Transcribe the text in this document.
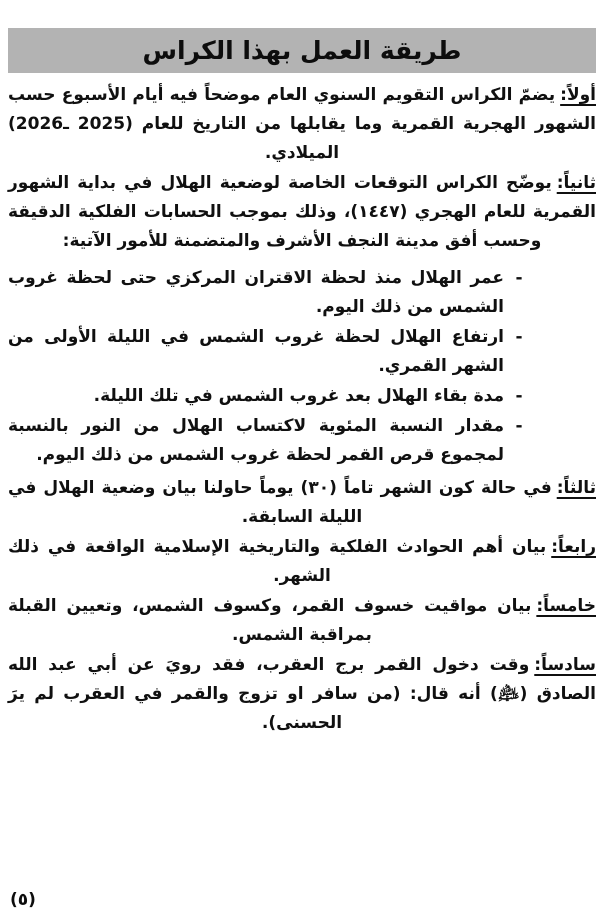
طريقة العمل بهذا الكراس

أولاً:يضمّ الكراس التقويم السنوي العام موضحاً فيه أيام الأسبوع حسب الشهور الهجرية القمرية وما يقابلها من التاريخ للعام (2025 ـ2026) الميلادي.

ثانياً:يوضّح الكراس التوقعات الخاصة لوضعية الهلال في بداية الشهور القمرية للعام الهجري (١٤٤٧)، وذلك بموجب الحسابات الفلكية الدقيقة وحسب أفق مدينة النجف الأشرف والمتضمنة للأمور الآتية:

-
عمر الهلال منذ لحظة الاقتران المركزي حتى لحظة غروب الشمس من ذلك اليوم.
-
ارتفاع الهلال لحظة غروب الشمس في الليلة الأولى من الشهر القمري.
-
مدة بقاء الهلال بعد غروب الشمس في تلك الليلة.
-
مقدار النسبة المئوية لاكتساب الهلال من النور بالنسبة لمجموع قرص القمر لحظة غروب الشمس من ذلك اليوم.

ثالثاً:في حالة كون الشهر تاماً (٣٠) يوماً حاولنا بيان وضعية الهلال في الليلة السابقة.

رابعاً:بيان أهم الحوادث الفلكية والتاريخية الإسلامية الواقعة في ذلك الشهر.

خامساً:بيان مواقيت خسوف القمر، وكسوف الشمس، وتعيين القبلة بمراقبة الشمس.

سادساً:وقت دخول القمر برج العقرب، فقد رويَ عن أبي عبد الله الصادق (﵇) أنه قال: (من سافر او تزوج والقمر في العقرب لم يرَ الحسنى).

(٥)
